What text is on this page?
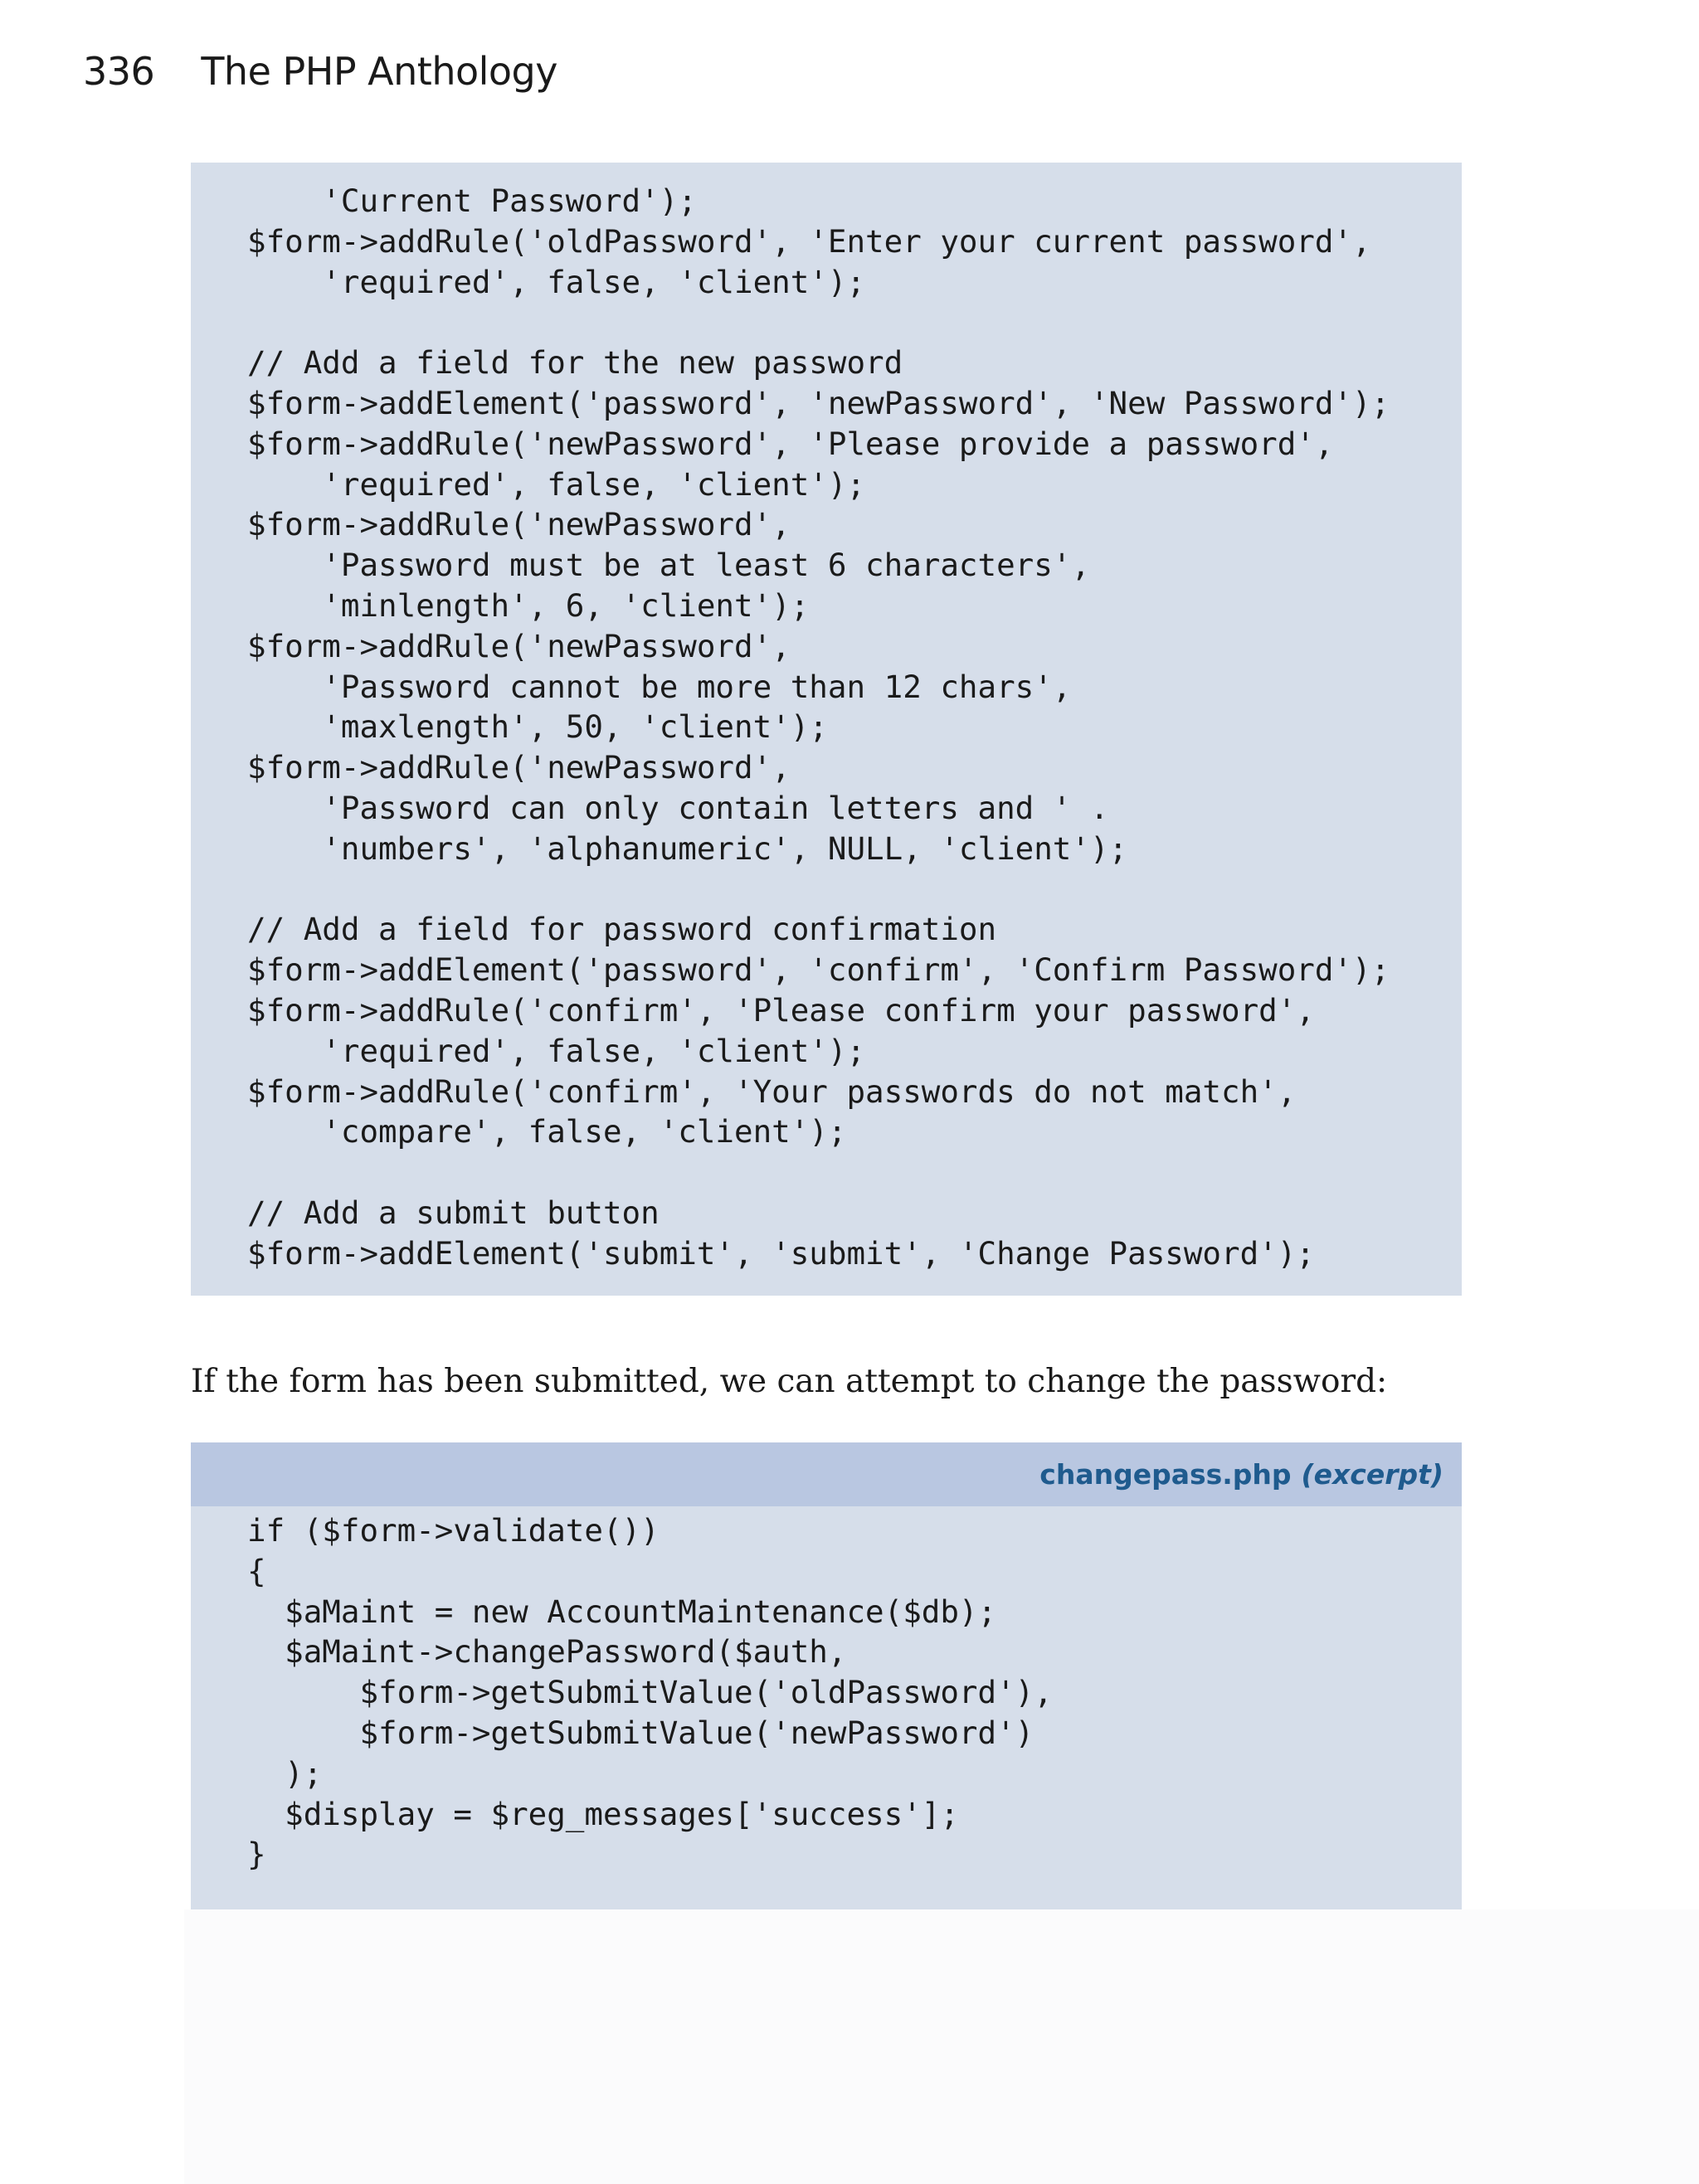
336 The PHP Anthology
'Current Password');
$form->addRule('oldPassword', 'Enter your current password',
'required', false, 'client');

// Add a field for the new password
$form->addElement('password', 'newPassword', 'New Password');
$form->addRule('newPassword', 'Please provide a password',
'required', false, 'client');
$form->addRule('newPassword',
'Password must be at least 6 characters',
'minlength', 6, 'client');
$form->addRule('newPassword',
'Password cannot be more than 12 chars',
'maxlength', 50, 'client');
$form->addRule('newPassword',
'Password can only contain letters and ' .
'numbers', 'alphanumeric', NULL, 'client');

// Add a field for password confirmation
$form->addElement('password', 'confirm', 'Confirm Password');
$form->addRule('confirm', 'Please confirm your password',
'required', false, 'client');
$form->addRule('confirm', 'Your passwords do not match',
'compare', false, 'client');

// Add a submit button
$form->addElement('submit', 'submit', 'Change Password');

If the form has been submitted, we can attempt to change the password:

changepass.php (excerpt)
if ($form->validate())
{
$aMaint = new AccountMaintenance($db);
$aMaint->changePassword($auth,
$form->getSubmitValue('oldPassword'),
$form->getSubmitValue('newPassword')
);
$display = $reg_messages['success'];
}
